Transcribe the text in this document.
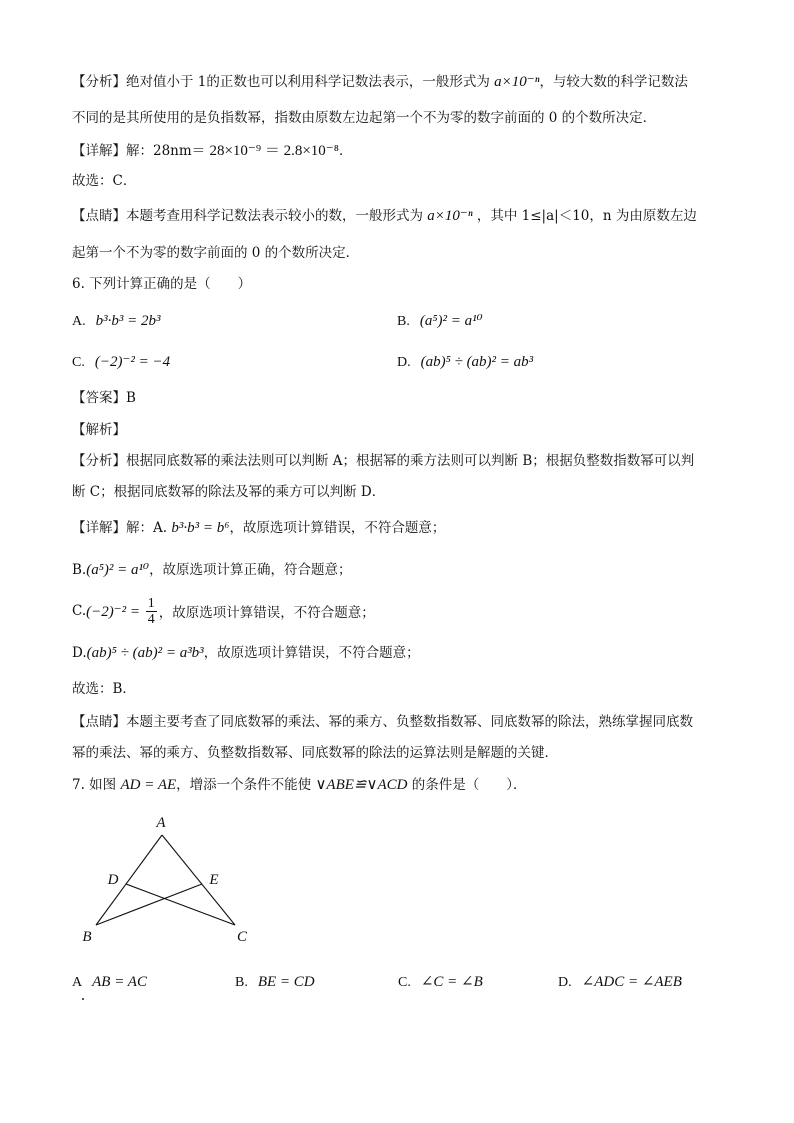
【分析】绝对值小于 1的正数也可以利用科学记数法表示，一般形式为 a×10⁻ⁿ，与较大数的科学记数法
不同的是其所使用的是负指数幂，指数由原数左边起第一个不为零的数字前面的 0 的个数所决定．
【详解】解：28nm＝ 28×10⁻⁹ ＝ 2.8×10⁻⁸．
故选：C．
【点睛】本题考查用科学记数法表示较小的数，一般形式为 a×10⁻ⁿ ，其中 1≤|a|＜10，n 为由原数左边
起第一个不为零的数字前面的 0 的个数所决定．
6. 下列计算正确的是（　　）
A. b³·b³ = 2b³	B. (a⁵)² = a¹⁰
C. (−2)⁻² = −4	D. (ab)⁵ ÷ (ab)² = ab³
【答案】B
【解析】
【分析】根据同底数幂的乘法法则可以判断 A；根据幂的乘方法则可以判断 B；根据负整数指数幂可以判
断 C；根据同底数幂的除法及幂的乘方可以判断 D．
【详解】解：A. b³·b³ = b⁶，故原选项计算错误，不符合题意；
B.(a⁵)² = a¹⁰，故原选项计算正确，符合题意；
C. $(-2)^{-2} = \frac{1}{4}$ ，故原选项计算错误，不符合题意；
D.(ab)⁵ ÷ (ab)² = a³b³，故原选项计算错误，不符合题意；
故选：B．
【点睛】本题主要考查了同底数幂的乘法、幂的乘方、负整数指数幂、同底数幂的除法，熟练掌握同底数
幂的乘法、幂的乘方、负整数指数幂、同底数幂的除法的运算法则是解题的关键．
7. 如图 AD = AE，增添一个条件不能使 ∨ABE≌∨ACD 的条件是（　　）．
A
D	E
B	C
A AB = AC	B. BE = CD	C. ∠C = ∠B	D. ∠ADC = ∠AEB
